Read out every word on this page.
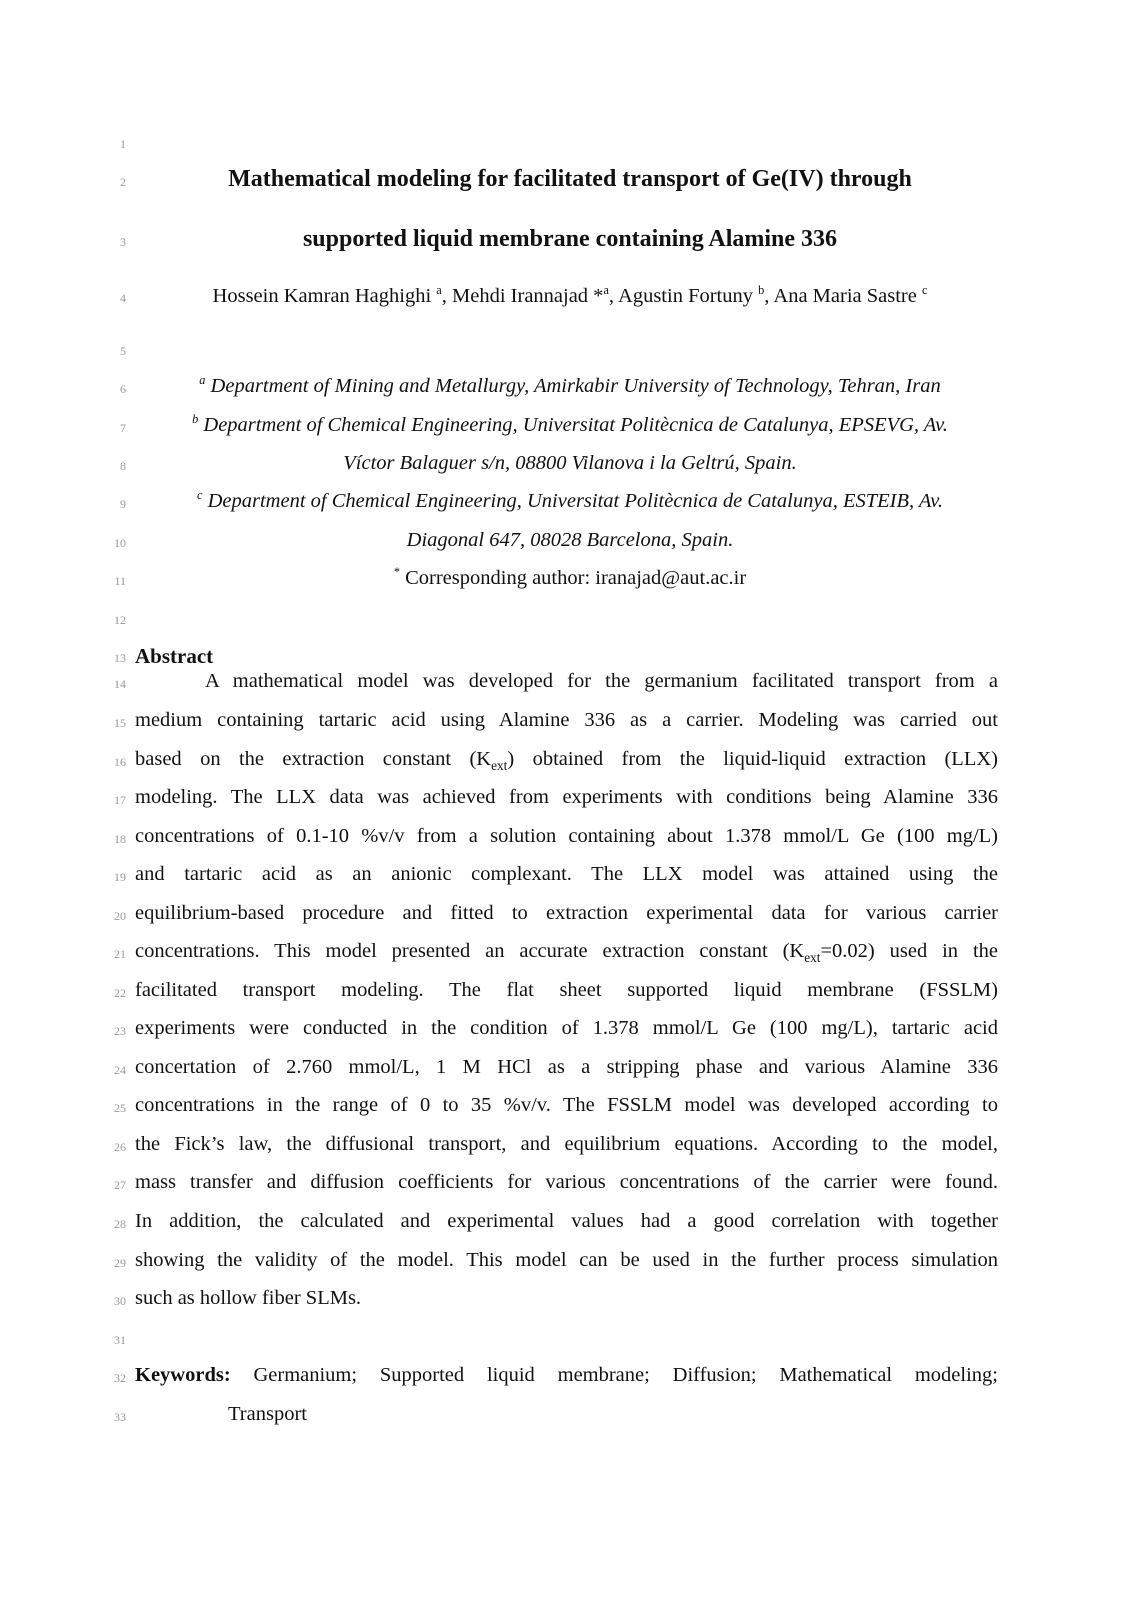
1
2
3
4
5
6
7
8
9
10
11
12
13
14
15
16
17
18
19
20
21
22
23
24
25
26
27
28
29
30
31
32
33
Mathematical modeling for facilitated transport of Ge(IV) through
supported liquid membrane containing Alamine 336
Hossein Kamran Haghighi $^a$, Mehdi Irannajad *$^a$, Agustin Fortuny $^b$, Ana Maria Sastre $^c$
$^a$ Department of Mining and Metallurgy, Amirkabir University of Technology, Tehran, Iran
$^b$ Department of Chemical Engineering, Universitat Politècnica de Catalunya, EPSEVG, Av.
Víctor Balaguer s/n, 08800 Vilanova i la Geltrú, Spain.
$^c$ Department of Chemical Engineering, Universitat Politècnica de Catalunya, ESTEIB, Av.
Diagonal 647, 08028 Barcelona, Spain.
* Corresponding author: iranajad@aut.ac.ir
Abstract
A mathematical model was developed for the germanium facilitated transport from a
medium containing tartaric acid using Alamine 336 as a carrier. Modeling was carried out
based on the extraction constant $(K_{ext})$ obtained from the liquid-liquid extraction (LLX)
modeling. The LLX data was achieved from experiments with conditions being Alamine 336
concentrations of 0.1-10 %v/v from a solution containing about 1.378 mmol/L Ge (100 mg/L)
and tartaric acid as an anionic complexant. The LLX model was attained using the
equilibrium-based procedure and fitted to extraction experimental data for various carrier
concentrations. This model presented an accurate extraction constant $(K_{ext}=0.02)$ used in the
facilitated transport modeling. The flat sheet supported liquid membrane (FSSLM)
experiments were conducted in the condition of 1.378 mmol/L Ge (100 mg/L), tartaric acid
concertation of 2.760 mmol/L, 1 M HCl as a stripping phase and various Alamine 336
concentrations in the range of 0 to 35 %v/v. The FSSLM model was developed according to
the Fick’s law, the diffusional transport, and equilibrium equations. According to the model,
mass transfer and diffusion coefficients for various concentrations of the carrier were found.
In addition, the calculated and experimental values had a good correlation with together
showing the validity of the model. This model can be used in the further process simulation
such as hollow fiber SLMs.
Keywords: Germanium; Supported liquid membrane; Diffusion; Mathematical modeling;
Transport
